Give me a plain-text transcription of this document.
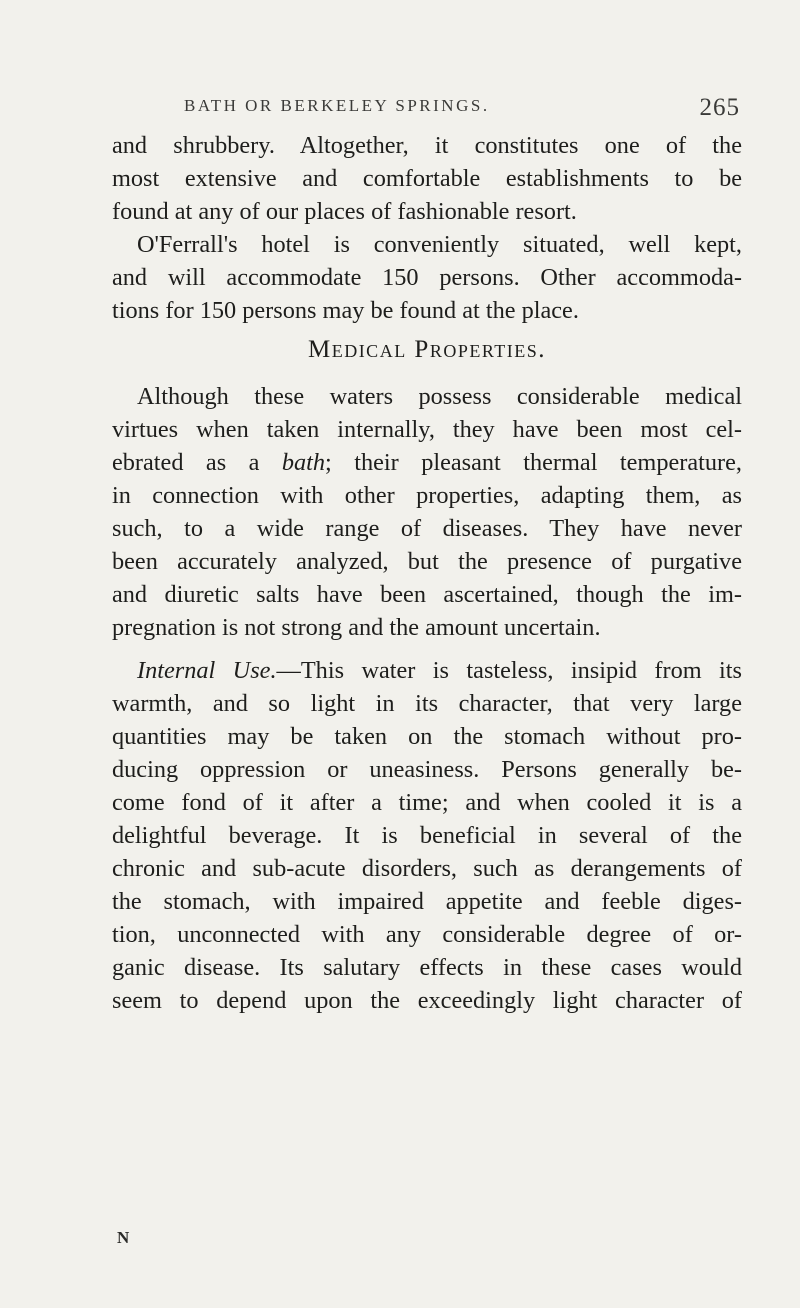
BATH OR BERKELEY SPRINGS.	265
and shrubbery. Altogether, it constitutes one of the
most extensive and comfortable establishments to be
found at any of our places of fashionable resort.
O'Ferrall's hotel is conveniently situated, well kept,
and will accommodate 150 persons. Other accommoda-
tions for 150 persons may be found at the place.
Medical Properties.
Although these waters possess considerable medical
virtues when taken internally, they have been most cel-
ebrated as a bath; their pleasant thermal temperature,
in connection with other properties, adapting them, as
such, to a wide range of diseases. They have never
been accurately analyzed, but the presence of purgative
and diuretic salts have been ascertained, though the im-
pregnation is not strong and the amount uncertain.
Internal Use.—This water is tasteless, insipid from its
warmth, and so light in its character, that very large
quantities may be taken on the stomach without pro-
ducing oppression or uneasiness. Persons generally be-
come fond of it after a time; and when cooled it is a
delightful beverage. It is beneficial in several of the
chronic and sub-acute disorders, such as derangements of
the stomach, with impaired appetite and feeble diges-
tion, unconnected with any considerable degree of or-
ganic disease. Its salutary effects in these cases would
seem to depend upon the exceedingly light character of
N
